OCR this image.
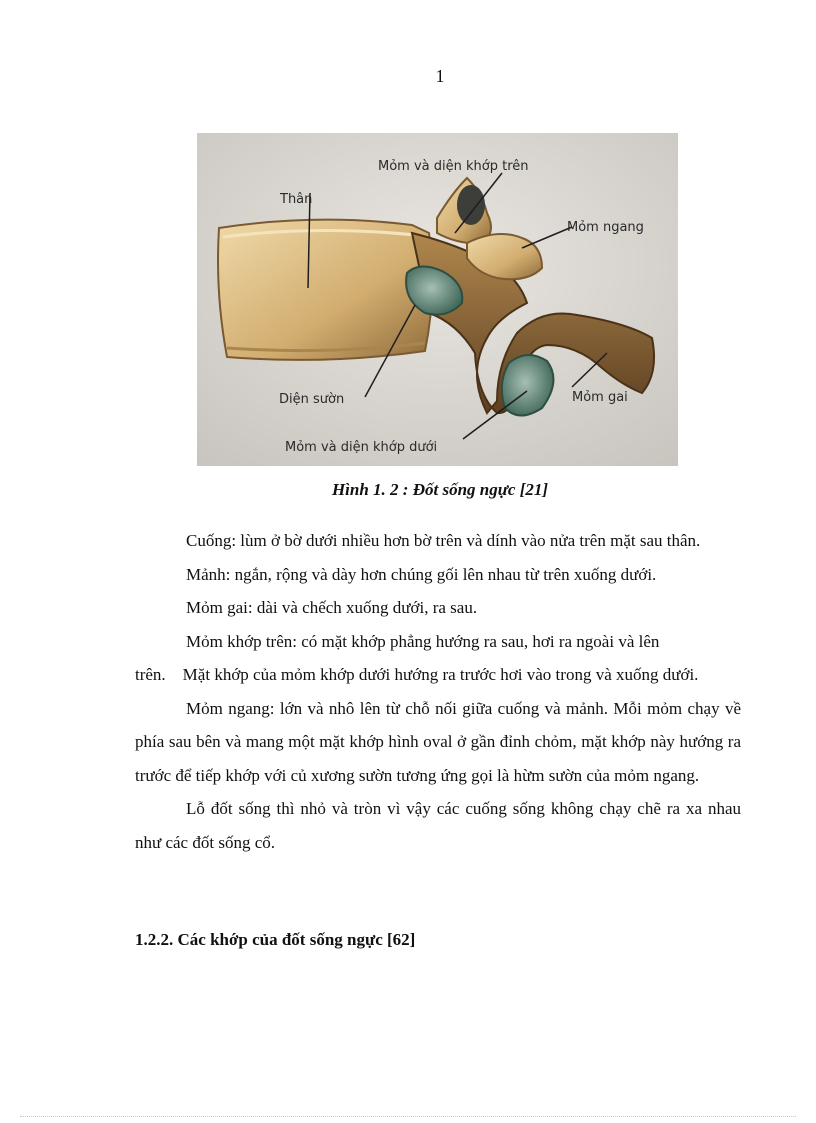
1
Thân
Mỏm và diện khớp trên
Mỏm ngang
Diện sườn	Mỏm gai
Mỏm và diện khớp dưới
Hình 1. 2 : Đốt sống ngực [21]

Cuống: lùm ở bờ dưới nhiều hơn bờ trên và dính vào nửa trên mặt sau thân.

Mảnh: ngắn, rộng và dày hơn chúng gối lên nhau từ trên xuống dưới.

Mỏm gai: dài và chếch xuống dưới, ra sau.

Mỏm khớp trên: có mặt khớp phẳng hướng ra sau, hơi ra ngoài và lên

trên.    Mặt khớp của mỏm khớp dưới hướng ra trước hơi vào trong và xuống dưới.

Mỏm ngang: lớn và nhô lên từ chỗ nối giữa cuống và mảnh. Mỗi mỏm chạy về phía sau bên và mang một mặt khớp hình oval ở gần đỉnh chỏm, mặt khớp này hướng ra trước để tiếp khớp với củ xương sườn tương ứng gọi là hừm sườn của mỏm ngang.

Lỗ đốt sống thì nhỏ và tròn vì vậy các cuống sống không chạy chẽ ra xa nhau như các đốt sống cổ.

1.2.2. Các khớp của đốt sống ngực [62]
